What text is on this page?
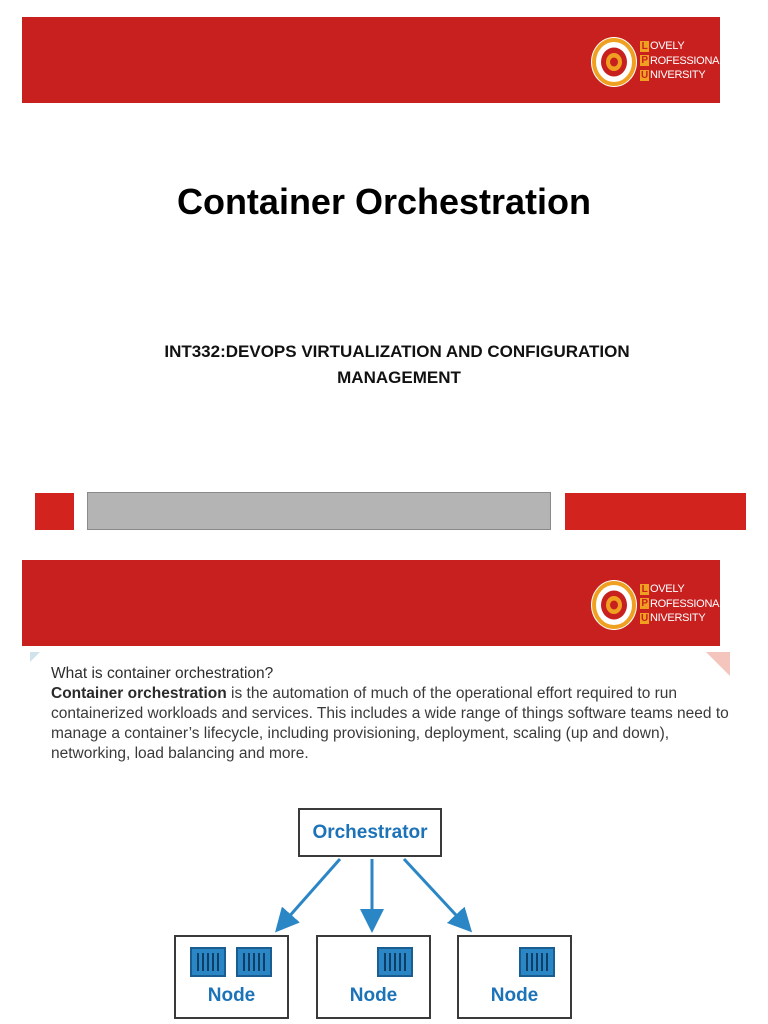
L OVELY
P ROFESSIONAL
U NIVERSITY
Container Orchestration
INT332:DEVOPS VIRTUALIZATION AND CONFIGURATION
MANAGEMENT
L OVELY
P ROFESSIONAL
U NIVERSITY
What is container orchestration?
Container orchestration is the automation of much of the operational effort required to run containerized workloads and services. This includes a wide range of things software teams need to manage a container’s lifecycle, including provisioning, deployment, scaling (up and down), networking, load balancing and more.
Orchestrator
Node	Node	Node
